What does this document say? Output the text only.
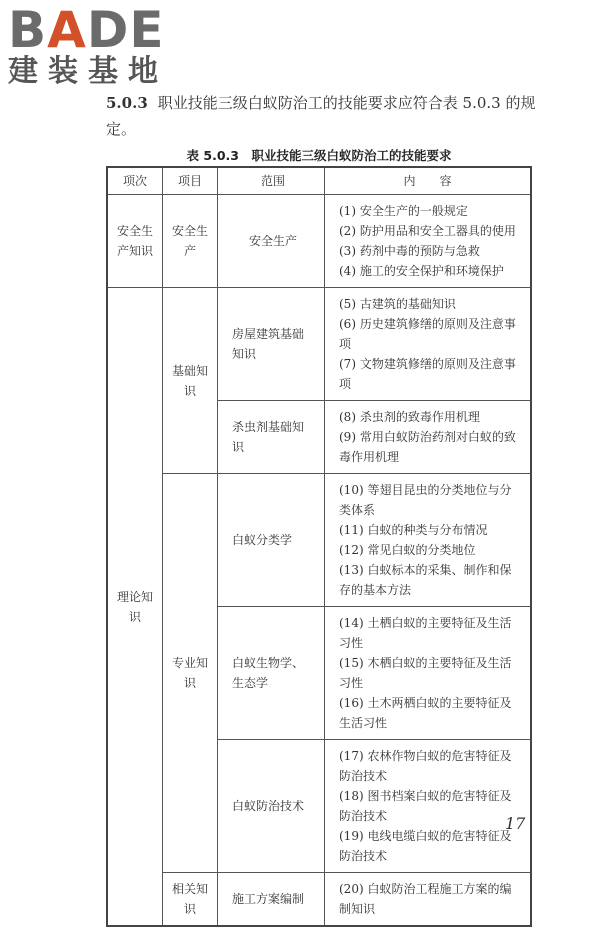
BADE
建装基地
5.0.3 职业技能三级白蚁防治工的技能要求应符合表 5.0.3 的规定。
表 5.0.3　职业技能三级白蚁防治工的技能要求
项次	项目	范围	内　　容
安全生产知识	安全生产	安全生产	(1) 安全生产的一般规定
(2) 防护用品和安全工器具的使用
(3) 药剂中毒的预防与急救
(4) 施工的安全保护和环境保护

理论知识	基础知识	房屋建筑基础知识	(5) 古建筑的基础知识
(6) 历史建筑修缮的原则及注意事项
(7) 文物建筑修缮的原则及注意事项

		杀虫剂基础知识	(8) 杀虫剂的致毒作用机理
(9) 常用白蚁防治药剂对白蚁的致毒作用机理

	专业知识	白蚁分类学	(10) 等翅目昆虫的分类地位与分类体系
(11) 白蚁的种类与分布情况
(12) 常见白蚁的分类地位
(13) 白蚁标本的采集、制作和保存的基本方法

		白蚁生物学、生态学	(14) 土栖白蚁的主要特征及生活习性
(15) 木栖白蚁的主要特征及生活习性
(16) 土木两栖白蚁的主要特征及生活习性

		白蚁防治技术	(17) 农林作物白蚁的危害特征及防治技术
(18) 图书档案白蚁的危害特征及防治技术
(19) 电线电缆白蚁的危害特征及防治技术

	相关知识	施工方案编制	(20) 白蚁防治工程施工方案的编制知识
17
